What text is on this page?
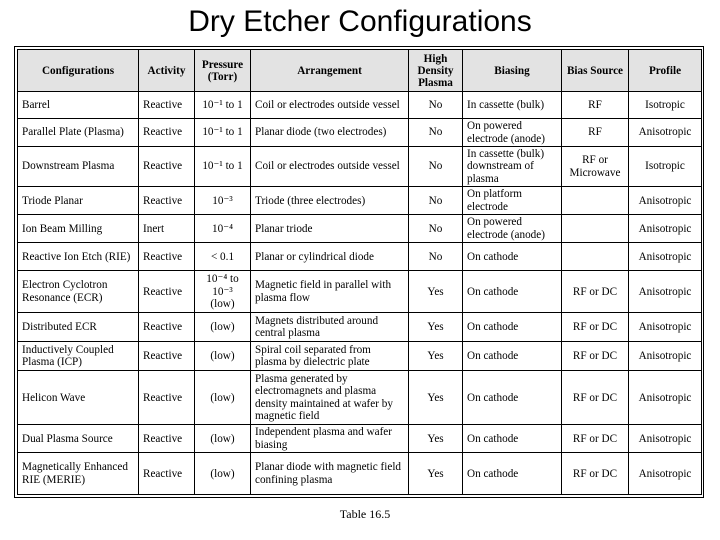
Dry Etcher Configurations
Configurations	Activity	Pressure (Torr)	Arrangement	High Density Plasma	Biasing	Bias Source	Profile
Barrel	Reactive	10⁻¹ to 1	Coil or electrodes outside vessel	No	In cassette (bulk)	RF	Isotropic
Parallel Plate (Plasma)	Reactive	10⁻¹ to 1	Planar diode (two electrodes)	No	On powered electrode (anode)	RF	Anisotropic
Downstream Plasma	Reactive	10⁻¹ to 1	Coil or electrodes outside vessel	No	In cassette (bulk) downstream of plasma	RF or Microwave	Isotropic
Triode Planar	Reactive	10⁻³	Triode (three electrodes)	No	On platform electrode		Anisotropic
Ion Beam Milling	Inert	10⁻⁴	Planar triode	No	On powered electrode (anode)		Anisotropic
Reactive Ion Etch (RIE)	Reactive	< 0.1	Planar or cylindrical diode	No	On cathode		Anisotropic
Electron Cyclotron Resonance (ECR)	Reactive	10⁻⁴ to 10⁻³ (low)	Magnetic field in parallel with plasma flow	Yes	On cathode	RF or DC	Anisotropic
Distributed ECR	Reactive	(low)	Magnets distributed around central plasma	Yes	On cathode	RF or DC	Anisotropic
Inductively Coupled Plasma (ICP)	Reactive	(low)	Spiral coil separated from plasma by dielectric plate	Yes	On cathode	RF or DC	Anisotropic
Helicon Wave	Reactive	(low)	Plasma generated by electromagnets and plasma density maintained at wafer by magnetic field	Yes	On cathode	RF or DC	Anisotropic
Dual Plasma Source	Reactive	(low)	Independent plasma and wafer biasing	Yes	On cathode	RF or DC	Anisotropic
Magnetically Enhanced RIE (MERIE)	Reactive	(low)	Planar diode with magnetic field confining plasma	Yes	On cathode	RF or DC	Anisotropic
Table 16.5
